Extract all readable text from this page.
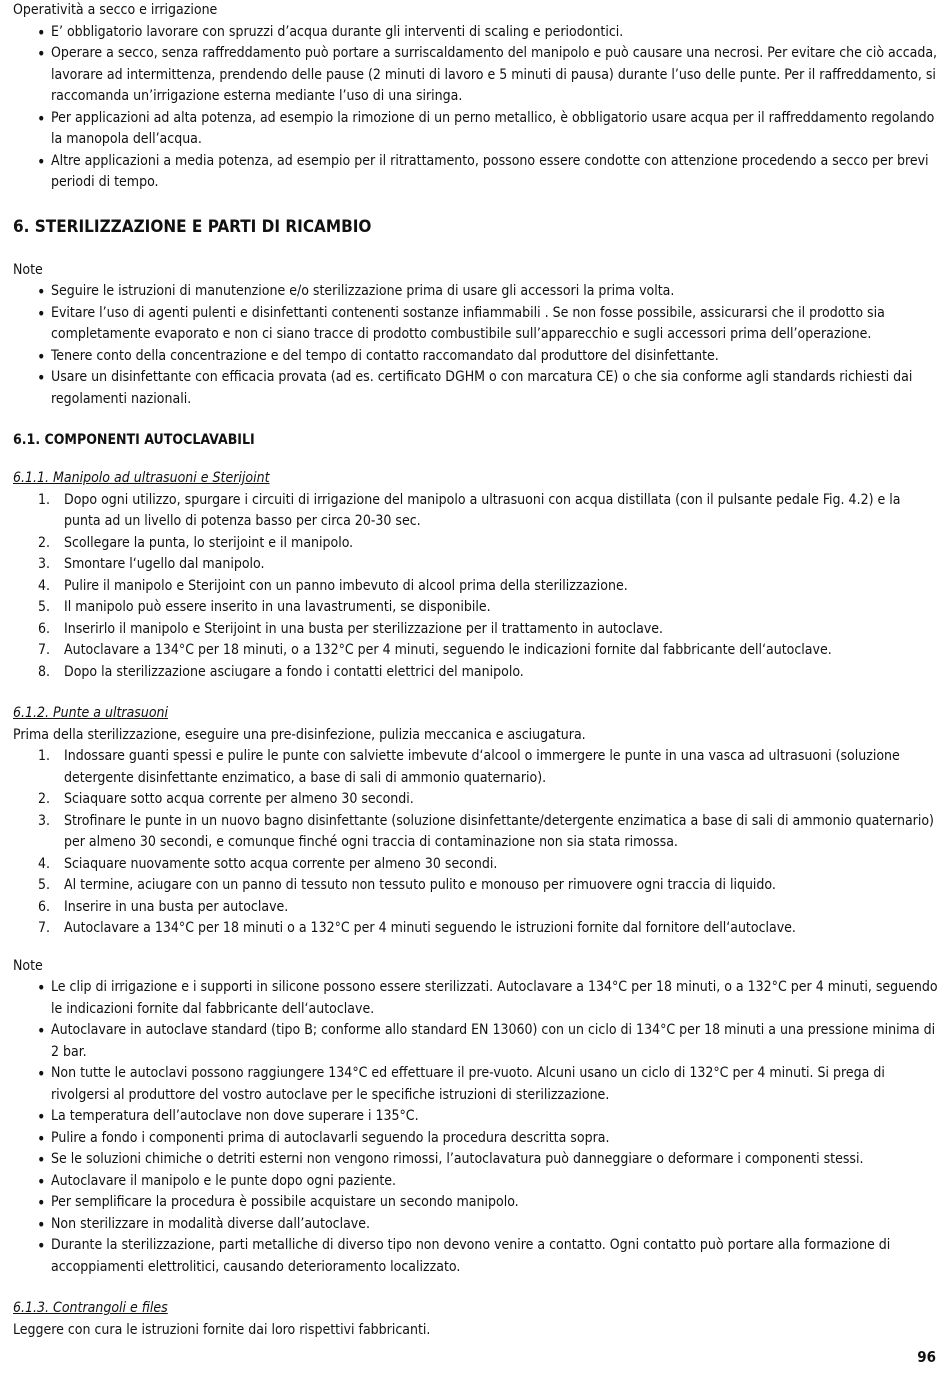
Operatività a secco e irrigazione

• E’ obbligatorio lavorare con spruzzi d’acqua durante gli interventi di scaling e periodontici.
• Operare a secco, senza raffreddamento può portare a surriscaldamento del manipolo e può causare una necrosi. Per evitare che ciò accada, lavorare ad intermittenza, prendendo delle pause (2 minuti di lavoro e 5 minuti di pausa) durante l’uso delle punte. Per il raffreddamento, si raccomanda un’irrigazione esterna mediante l’uso di una siringa.
• Per applicazioni ad alta potenza, ad esempio la rimozione di un perno metallico, è obbligatorio usare acqua per il raffreddamento regolando la manopola dell’acqua.
• Altre applicazioni a media potenza, ad esempio per il ritrattamento, possono essere condotte con attenzione procedendo a secco per brevi periodi di tempo.
6. STERILIZZAZIONE E PARTI DI RICAMBIO

Note

• Seguire le istruzioni di manutenzione e/o sterilizzazione prima di usare gli accessori la prima volta.
• Evitare l’uso di agenti pulenti e disinfettanti contenenti sostanze infiammabili . Se non fosse possibile, assicurarsi che il prodotto sia completamente evaporato e non ci siano tracce di prodotto combustibile sull’apparecchio e sugli accessori prima dell’operazione.
• Tenere conto della concentrazione e del tempo di contatto raccomandato dal produttore del disinfettante.
• Usare un disinfettante con efficacia provata (ad es. certificato DGHM o con marcatura CE) o che sia conforme agli standards richiesti dai regolamenti nazionali.
6.1. COMPONENTI AUTOCLAVABILI

6.1.1. Manipolo ad ultrasuoni e Sterijoint

1. Dopo ogni utilizzo, spurgare i circuiti di irrigazione del manipolo a ultrasuoni con acqua distillata (con il pulsante pedale Fig. 4.2) e la punta ad un livello di potenza basso per circa 20-30 sec.
2. Scollegare la punta, lo sterijoint e il manipolo.
3. Smontare l‘ugello dal manipolo.
4. Pulire il manipolo e Sterijoint con un panno imbevuto di alcool prima della sterilizzazione.
5. Il manipolo può essere inserito in una lavastrumenti, se disponibile.
6. Inserirlo il manipolo e Sterijoint in una busta per sterilizzazione per il trattamento in autoclave.
7. Autoclavare a 134°C per 18 minuti, o a 132°C per 4 minuti, seguendo le indicazioni fornite dal fabbricante dell‘autoclave.
8. Dopo la sterilizzazione asciugare a fondo i contatti elettrici del manipolo.

6.1.2. Punte a ultrasuoni

Prima della sterilizzazione, eseguire una pre-disinfezione, pulizia meccanica e asciugatura.

1. Indossare guanti spessi e pulire le punte con salviette imbevute d‘alcool o immergere le punte in una vasca ad ultrasuoni (soluzione detergente disinfettante enzimatico, a base di sali di ammonio quaternario).
2. Sciaquare sotto acqua corrente per almeno 30 secondi.
3. Strofinare le punte in un nuovo bagno disinfettante (soluzione disinfettante/detergente enzimatica a base di sali di ammonio quaternario) per almeno 30 secondi, e comunque finché ogni traccia di contaminazione non sia stata rimossa.
4. Sciaquare nuovamente sotto acqua corrente per almeno 30 secondi.
5. Al termine, aciugare con un panno di tessuto non tessuto pulito e monouso per rimuovere ogni traccia di liquido.
6. Inserire in una busta per autoclave.
7. Autoclavare a 134°C per 18 minuti o a 132°C per 4 minuti seguendo le istruzioni fornite dal fornitore dell‘autoclave.

Note

• Le clip di irrigazione e i supporti in silicone possono essere sterilizzati. Autoclavare a 134°C per 18 minuti, o a 132°C per 4 minuti, seguendo le indicazioni fornite dal fabbricante dell‘autoclave.
• Autoclavare in autoclave standard (tipo B; conforme allo standard EN 13060) con un ciclo di 134°C per 18 minuti a una pressione minima di 2 bar.
• Non tutte le autoclavi possono raggiungere 134°C ed effettuare il pre-vuoto. Alcuni usano un ciclo di 132°C per 4 minuti. Si prega di rivolgersi al produttore del vostro autoclave per le specifiche istruzioni di sterilizzazione.
• La temperatura dell’autoclave non dove superare i 135°C.
• Pulire a fondo i componenti prima di autoclavarli seguendo la procedura descritta sopra.
• Se le soluzioni chimiche o detriti esterni non vengono rimossi, l’autoclavatura può danneggiare o deformare i componenti stessi.
• Autoclavare il manipolo e le punte dopo ogni paziente.
• Per semplificare la procedura è possibile acquistare un secondo manipolo.
• Non sterilizzare in modalità diverse dall’autoclave.
• Durante la sterilizzazione, parti metalliche di diverso tipo non devono venire a contatto. Ogni contatto può portare alla formazione di accoppiamenti elettrolitici, causando deterioramento localizzato.

6.1.3. Contrangoli e files

Leggere con cura le istruzioni fornite dai loro rispettivi fabbricanti.

96
